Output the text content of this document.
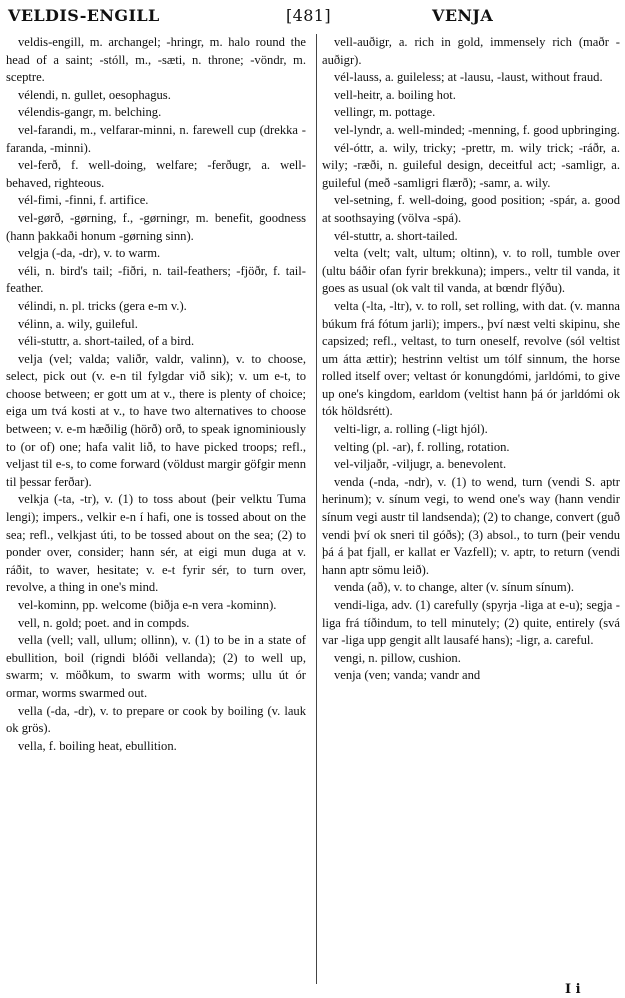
VELDIS-ENGILL	[481]	VENJA

veldis-engill, m. archangel; -hringr, m. halo round the head of a saint; -stóll, m., -sæti, n. throne; -vöndr, m. sceptre.

vélendi, n. gullet, oesophagus.

vélendis-gangr, m. belching.

vel-farandi, m., velfarar-minni, n. farewell cup (drekka -faranda, -minni).

vel-ferð, f. well-doing, welfare; -ferðugr, a. well-behaved, righteous.

vél-fimi, -finni, f. artifice.

vel-gørð, -gørning, f., -gørningr, m. benefit, goodness (hann þakkaði honum -gørning sinn).

velgja (-da, -dr), v. to warm.

véli, n. bird's tail; -fiðri, n. tail-feathers; -fjöðr, f. tail-feather.

vélindi, n. pl. tricks (gera e-m v.).

vélinn, a. wily, guileful.

véli-stuttr, a. short-tailed, of a bird.

velja (vel; valda; valiðr, valdr, valinn), v. to choose, select, pick out (v. e-n til fylgdar við sik); v. um e-t, to choose between; er gott um at v., there is plenty of choice; eiga um tvá kosti at v., to have two alternatives to choose between; v. e-m hæðilig (hörð) orð, to speak ignominiously to (or of) one; hafa valit lið, to have picked troops; refl., veljast til e-s, to come forward (völdust margir göfgir menn til þessar ferðar).

velkja (-ta, -tr), v. (1) to toss about (þeir velktu Tuma lengi); impers., velkir e-n í hafi, one is tossed about on the sea; refl., velkjast úti, to be tossed about on the sea; (2) to ponder over, consider; hann sér, at eigi mun duga at v. ráðit, to waver, hesitate; v. e-t fyrir sér, to turn over, revolve, a thing in one's mind.

vel-kominn, pp. welcome (biðja e-n vera -kominn).

vell, n. gold; poet. and in compds.

vella (vell; vall, ullum; ollinn), v. (1) to be in a state of ebullition, boil (rigndi blóði vellanda); (2) to well up, swarm; v. möðkum, to swarm with worms; ullu út ór ormar, worms swarmed out.

vella (-da, -dr), v. to prepare or cook by boiling (v. lauk ok grös).

vella, f. boiling heat, ebullition.

vell-auðigr, a. rich in gold, immensely rich (maðr -auðigr).

vél-lauss, a. guileless; at -lausu, -laust, without fraud.

vell-heitr, a. boiling hot.

vellingr, m. pottage.

vel-lyndr, a. well-minded; -menning, f. good upbringing.

vél-óttr, a. wily, tricky; -prettr, m. wily trick; -ráðr, a. wily; -ræði, n. guileful design, deceitful act; -samligr, a. guileful (með -samligri flærð); -samr, a. wily.

vel-setning, f. well-doing, good position; -spár, a. good at soothsaying (völva -spá).

vél-stuttr, a. short-tailed.

velta (velt; valt, ultum; oltinn), v. to roll, tumble over (ultu báðir ofan fyrir brekkuna); impers., veltr til vanda, it goes as usual (ok valt til vanda, at bœndr flýðu).

velta (-lta, -ltr), v. to roll, set rolling, with dat. (v. manna búkum frá fótum jarli); impers., því næst velti skipinu, she capsized; refl., veltast, to turn oneself, revolve (sól veltist um átta ættir); hestrinn veltist um tólf sinnum, the horse rolled itself over; veltast ór konungdómi, jarldómi, to give up one's kingdom, earldom (veltist hann þá ór jarldómi ok tók höldsrétt).

velti-ligr, a. rolling (-ligt hjól).

velting (pl. -ar), f. rolling, rotation.

vel-viljaðr, -viljugr, a. benevolent.

venda (-nda, -ndr), v. (1) to wend, turn (vendi S. aptr herinum); v. sínum vegi, to wend one's way (hann vendir sínum vegi austr til landsenda); (2) to change, convert (guð vendi því ok sneri til góðs); (3) absol., to turn (þeir vendu þá á þat fjall, er kallat er Vazfell); v. aptr, to return (vendi hann aptr sömu leið).

venda (að), v. to change, alter (v. sínum sínum).

vendi-liga, adv. (1) carefully (spyrja -liga at e-u); segja -liga frá tíðindum, to tell minutely; (2) quite, entirely (svá var -liga upp gengit allt lausafé hans); -ligr, a. careful.

vengi, n. pillow, cushion.

venja (ven; vanda; vandr and

I i
